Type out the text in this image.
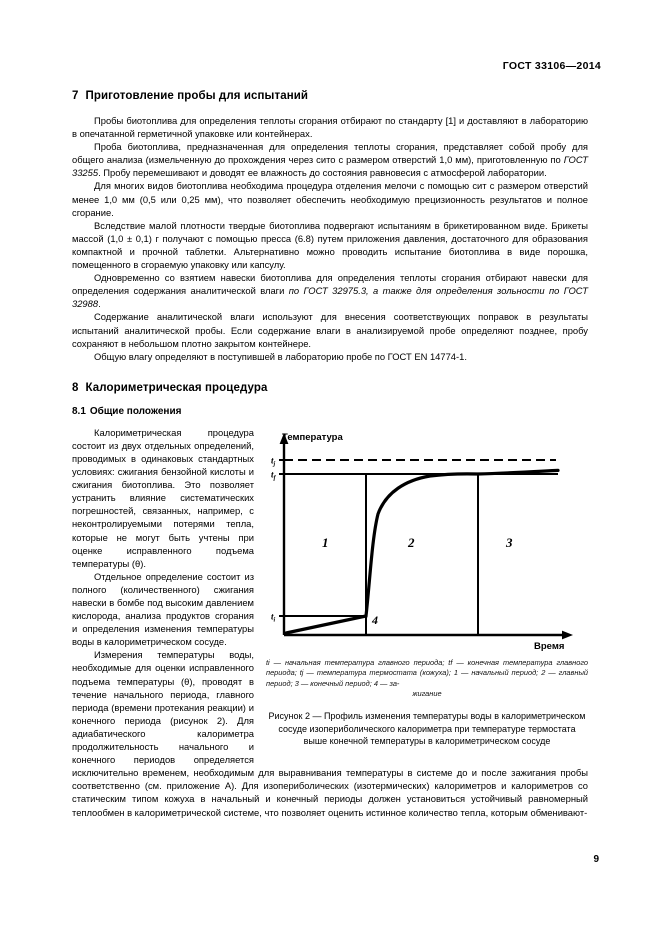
ГОСТ 33106—2014
7 Приготовление пробы для испытаний

Пробы биотоплива для определения теплоты сгорания отбирают по стандарту [1] и доставляют в лабораторию в опечатанной герметичной упаковке или контейнерах.

Проба биотоплива, предназначенная для определения теплоты сгорания, представляет собой пробу для общего анализа (измельченную до прохождения через сито с размером отверстий 1,0 мм), приготовленную по ГОСТ 33255. Пробу перемешивают и доводят ее влажность до состояния равновесия с атмосферой лаборатории.

Для многих видов биотоплива необходима процедура отделения мелочи с помощью сит с размером отверстий менее 1,0 мм (0,5 или 0,25 мм), что позволяет обеспечить необходимую прецизионность результатов и полное сгорание.

Вследствие малой плотности твердые биотоплива подвергают испытаниям в брикетированном виде. Брикеты массой (1,0 ± 0,1) г получают с помощью пресса (6.8) путем приложения давления, достаточного для образования компактной и прочной таблетки. Альтернативно можно проводить испытание биотоплива в виде порошка, помещенного в сгораемую упаковку или капсулу.

Одновременно со взятием навески биотоплива для определения теплоты сгорания отбирают навески для определения содержания аналитической влаги по ГОСТ 32975.3, а также для определения зольности по ГОСТ 32988.

Содержание аналитической влаги используют для внесения соответствующих поправок в результаты испытаний аналитической пробы. Если содержание влаги в анализируемой пробе определяют позднее, пробу сохраняют в небольшом плотно закрытом контейнере.

Общую влагу определяют в поступившей в лабораторию пробе по ГОСТ EN 14774-1.

8 Калориметрическая процедура
8.1 Общие положения
Температура
Время
$t_j$
$t_f$
$t_i$
1	2	3
4
ti — начальная температура главного периода; tf — конечная температура главного периода; tj — температура термостата (кожуха); 1 — начальный период; 2 — главный период; 3 — конечный период; 4 — за-
жигание
Рисунок 2 — Профиль изменения температуры воды в калориметрическом сосуде изопериболического калориметра при температуре термостата выше конечной температуры в калориметрическом сосуде

Калориметрическая процедура состоит из двух отдельных определений, проводимых в одинаковых стандартных условиях: сжигания бензойной кислоты и сжигания биотоплива. Это позволяет устранить влияние систематических погрешностей, связанных, например, с неконтролируемыми потерями тепла, которые не могут быть учтены при оценке исправленного подъема температуры (θ).

Отдельное определение состоит из полного (количественного) сжигания навески в бомбе под высоким давлением кислорода, анализа продуктов сгорания и определения изменения температуры воды в калориметрическом сосуде.

Измерения температуры воды, необходимые для оценки исправленного подъема температуры (θ), проводят в течение начального периода, главного периода (времени протекания реакции) и конечного периода (рисунок 2). Для адиабатического калориметра продолжительность начального и конечного периодов определяется исключительно временем, необходимым для выравнивания температуры в системе до и после зажигания пробы соответственно (см. приложение А). Для изопериболических (изотермических) калориметров и калориметров со статическим типом кожуха в начальный и конечный периоды должен установиться устойчивый равномерный теплообмен в калориметрической системе, что позволяет оценить истинное количество тепла, которым обменивают-

9
